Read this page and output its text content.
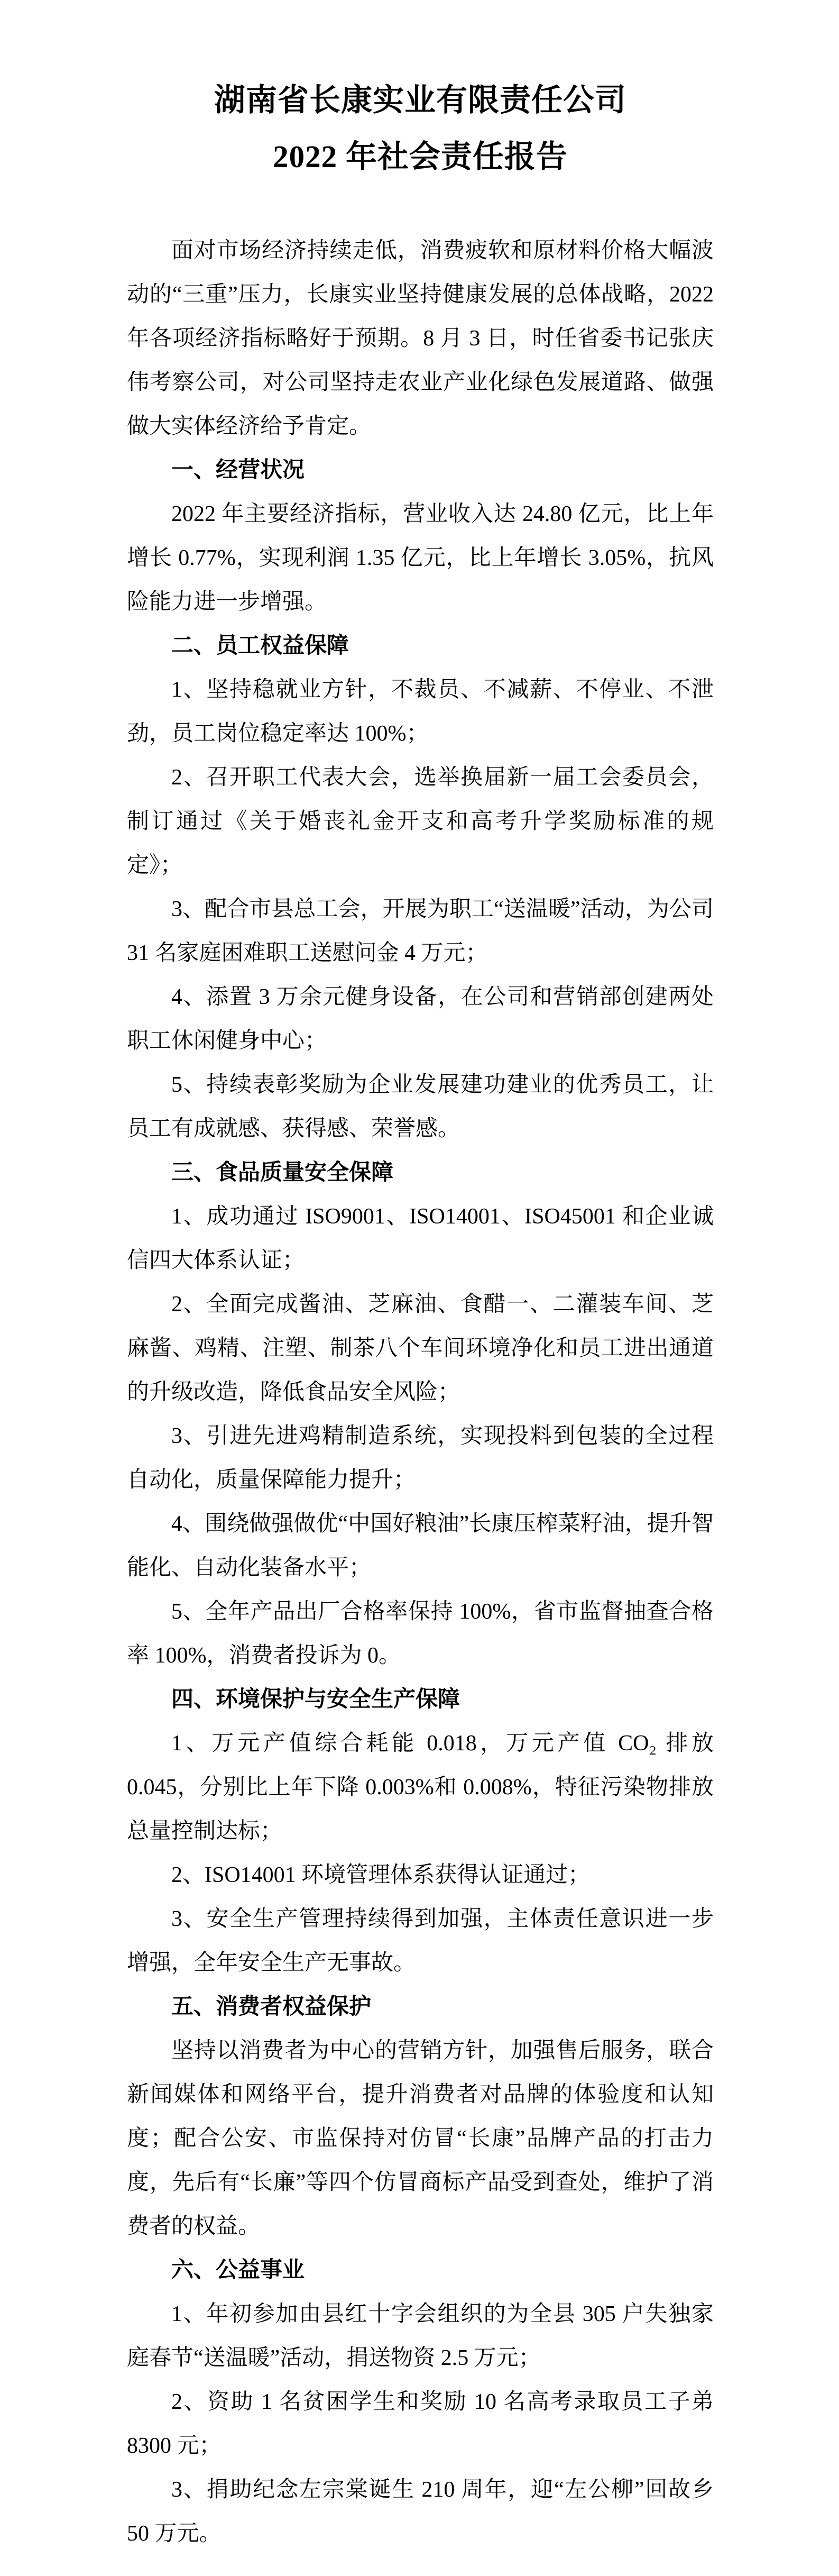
湖南省长康实业有限责任公司
2022 年社会责任报告

面对市场经济持续走低，消费疲软和原材料价格大幅波动的“三重”压力，长康实业坚持健康发展的总体战略，2022 年各项经济指标略好于预期。8 月 3 日，时任省委书记张庆伟考察公司，对公司坚持走农业产业化绿色发展道路、做强做大实体经济给予肯定。

一、经营状况

2022 年主要经济指标，营业收入达 24.80 亿元，比上年增长 0.77%，实现利润 1.35 亿元，比上年增长 3.05%，抗风险能力进一步增强。

二、员工权益保障

1、坚持稳就业方针，不裁员、不减薪、不停业、不泄劲，员工岗位稳定率达 100%；

2、召开职工代表大会，选举换届新一届工会委员会，制订通过《关于婚丧礼金开支和高考升学奖励标准的规定》；

3、配合市县总工会，开展为职工“送温暖”活动，为公司 31 名家庭困难职工送慰问金 4 万元；

4、添置 3 万余元健身设备，在公司和营销部创建两处职工休闲健身中心；

5、持续表彰奖励为企业发展建功建业的优秀员工，让员工有成就感、获得感、荣誉感。

三、食品质量安全保障

1、成功通过 ISO9001、ISO14001、ISO45001 和企业诚信四大体系认证；

2、全面完成酱油、芝麻油、食醋一、二灌装车间、芝麻酱、鸡精、注塑、制茶八个车间环境净化和员工进出通道的升级改造，降低食品安全风险；

3、引进先进鸡精制造系统，实现投料到包装的全过程自动化，质量保障能力提升；

4、围绕做强做优“中国好粮油”长康压榨菜籽油，提升智能化、自动化装备水平；

5、全年产品出厂合格率保持 100%，省市监督抽查合格率 100%，消费者投诉为 0。

四、环境保护与安全生产保障

1、万元产值综合耗能 0.018，万元产值 CO₂ 排放 0.045，分别比上年下降 0.003%和 0.008%，特征污染物排放总量控制达标；

2、ISO14001 环境管理体系获得认证通过；

3、安全生产管理持续得到加强，主体责任意识进一步增强，全年安全生产无事故。

五、消费者权益保护

坚持以消费者为中心的营销方针，加强售后服务，联合新闻媒体和网络平台，提升消费者对品牌的体验度和认知度；配合公安、市监保持对仿冒“长康”品牌产品的打击力度，先后有“长廉”等四个仿冒商标产品受到查处，维护了消费者的权益。

六、公益事业

1、年初参加由县红十字会组织的为全县 305 户失独家庭春节“送温暖”活动，捐送物资 2.5 万元；

2、资助 1 名贫困学生和奖励 10 名高考录取员工子弟 8300 元；

3、捐助纪念左宗棠诞生 210 周年，迎“左公柳”回故乡 50 万元。
